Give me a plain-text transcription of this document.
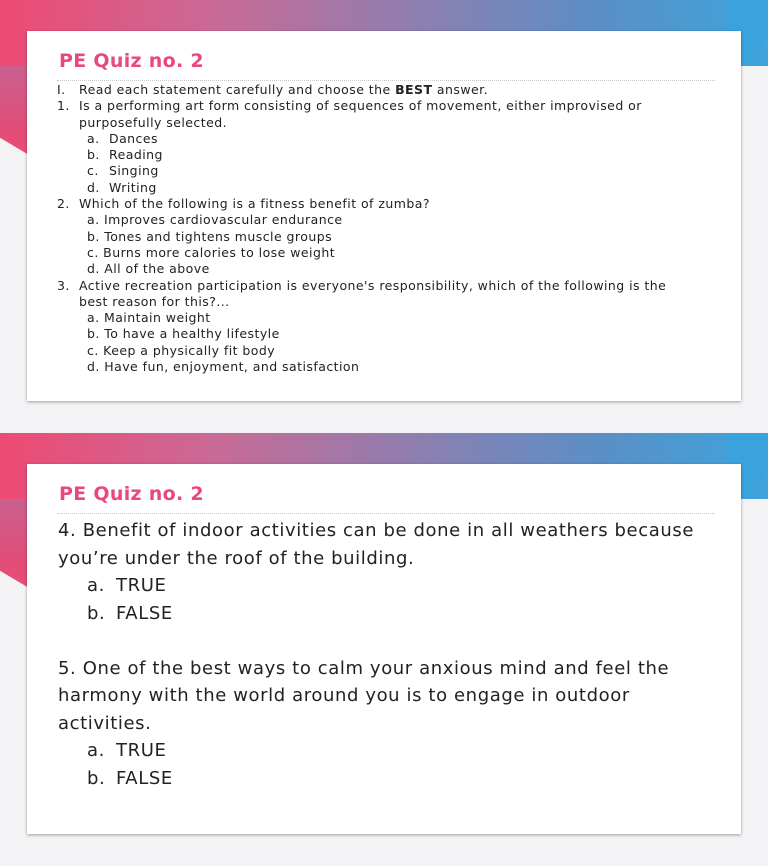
PE Quiz no. 2
I.	Read each statement carefully and choose the BEST answer.
1. Is a performing art form consisting of sequences of movement, either improvised or
purposefully selected.
a. Dances
b. Reading
c. Singing
d. Writing
2. Which of the following is a fitness benefit of zumba?
a. Improves cardiovascular endurance
b. Tones and tightens muscle groups
c. Burns more calories to lose weight
d. All of the above
3. Active recreation participation is everyone's responsibility, which of the following is the
best reason for this?...
a. Maintain weight
b. To have a healthy lifestyle
c. Keep a physically fit body
d. Have fun, enjoyment, and satisfaction
PE Quiz no. 2
4. Benefit of indoor activities can be done in all weathers because
you’re under the roof of the building.
a. TRUE
b. FALSE
5. One of the best ways to calm your anxious mind and feel the
harmony with the world around you is to engage in outdoor
activities.
a. TRUE
b. FALSE
